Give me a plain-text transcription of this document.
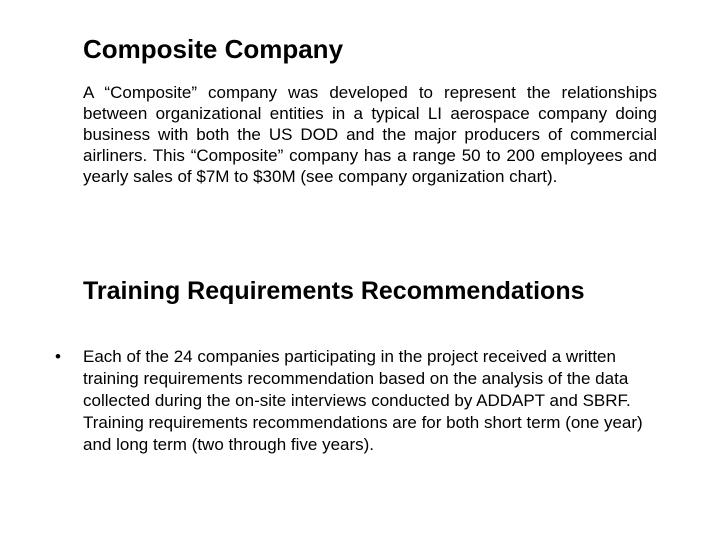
Composite Company

A “Composite” company was developed to represent the relationships between organizational entities in a typical LI aerospace company doing business with both the US DOD and the major producers of commercial airliners. This “Composite” company has a range 50 to 200 employees and yearly sales of $7M to $30M (see company organization chart).

Training Requirements Recommendations
• Each of the 24 companies participating in the project received a written training requirements recommendation based on the analysis of the data collected during the on-site interviews conducted by ADDAPT and SBRF. Training requirements recommendations are for both short term (one year) and long term (two through five years).
